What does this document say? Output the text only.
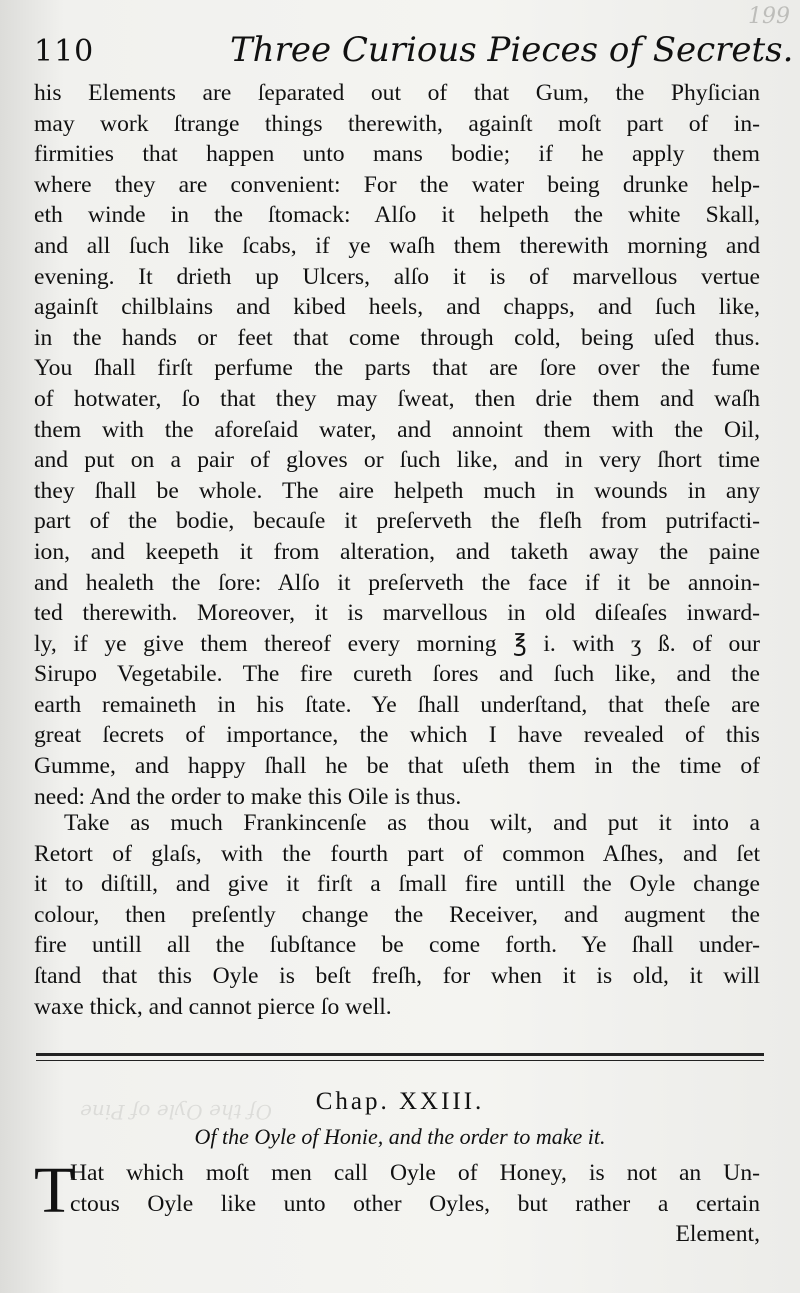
199
Of the Oyle of Pine
110	Three Curious Pieces of Secrets.
his Elements are ſeparated out of that Gum, the Phyſician
may work ſtrange things therewith, againſt moſt part of in-
firmities that happen unto mans bodie; if he apply them
where they are convenient: For the water being drunke help-
eth winde in the ſtomack: Alſo it helpeth the white Skall,
and all ſuch like ſcabs, if ye waſh them therewith morning and
evening. It drieth up Ulcers, alſo it is of marvellous vertue
againſt chilblains and kibed heels, and chapps, and ſuch like,
in the hands or feet that come through cold, being uſed thus.
You ſhall firſt perfume the parts that are ſore over the fume
of hotwater, ſo that they may ſweat, then drie them and waſh
them with the aforeſaid water, and annoint them with the Oil,
and put on a pair of gloves or ſuch like, and in very ſhort time
they ſhall be whole. The aire helpeth much in wounds in any
part of the bodie, becauſe it preſerveth the fleſh from putrifacti-
ion, and keepeth it from alteration, and taketh away the paine
and healeth the ſore: Alſo it preſerveth the face if it be annoin-
ted therewith. Moreover, it is marvellous in old diſeaſes inward-
ly, if ye give them thereof every morning ℥ i. with ʒ ß. of our
Sirupo Vegetabile. The fire cureth ſores and ſuch like, and the
earth remaineth in his ſtate. Ye ſhall underſtand, that theſe are
great ſecrets of importance, the which I have revealed of this
Gumme, and happy ſhall he be that uſeth them in the time of
need: And the order to make this Oile is thus.
Take as much Frankincenſe as thou wilt, and put it into a
Retort of glaſs, with the fourth part of common Aſhes, and ſet
it to diſtill, and give it firſt a ſmall fire untill the Oyle change
colour, then preſently change the Receiver, and augment the
fire untill all the ſubſtance be come forth. Ye ſhall under-
ſtand that this Oyle is beſt freſh, for when it is old, it will
waxe thick, and cannot pierce ſo well.
Chap. XXIII.
Of the Oyle of Honie, and the order to make it.
T
Hat which moſt men call Oyle of Honey, is not an Un-
ctous Oyle like unto other Oyles, but rather a certain
Element,
